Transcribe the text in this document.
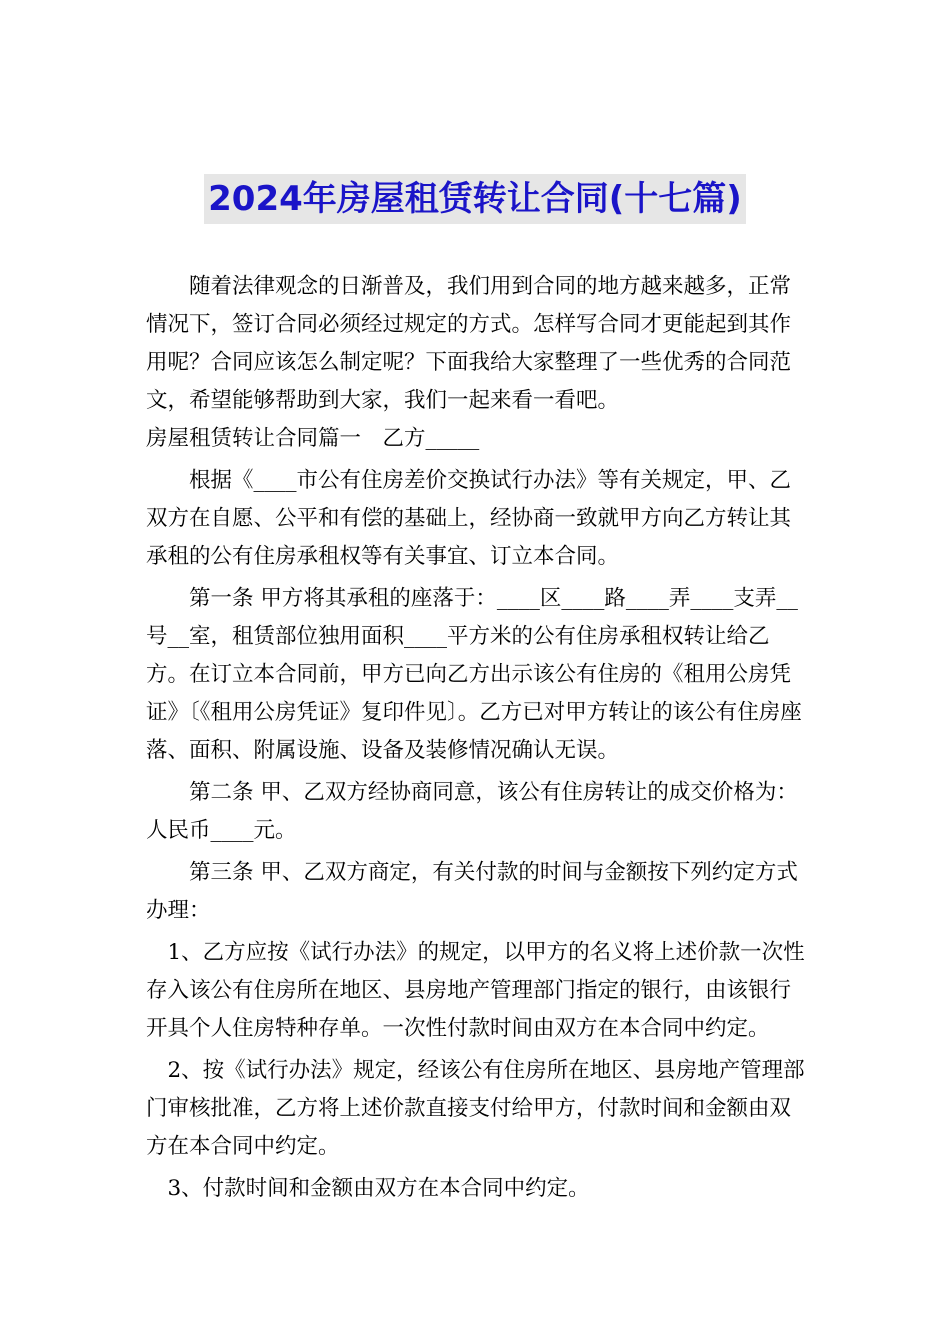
2024年房屋租赁转让合同(十七篇)

随着法律观念的日渐普及，我们用到合同的地方越来越多，正常情况下，签订合同必须经过规定的方式。怎样写合同才更能起到其作用呢？合同应该怎么制定呢？下面我给大家整理了一些优秀的合同范文，希望能够帮助到大家，我们一起来看一看吧。

房屋租赁转让合同篇一　乙方_____

根据《____市公有住房差价交换试行办法》等有关规定，甲、乙双方在自愿、公平和有偿的基础上，经协商一致就甲方向乙方转让其承租的公有住房承租权等有关事宜、订立本合同。

第一条 甲方将其承租的座落于：____区____路____弄____支弄__号__室，租赁部位独用面积____平方米的公有住房承租权转让给乙方。在订立本合同前，甲方已向乙方出示该公有住房的《租用公房凭证》〔《租用公房凭证》复印件见〕。乙方已对甲方转让的该公有住房座落、面积、附属设施、设备及装修情况确认无误。

第二条 甲、乙双方经协商同意，该公有住房转让的成交价格为：人民币____元。

第三条 甲、乙双方商定，有关付款的时间与金额按下列约定方式办理：

1、乙方应按《试行办法》的规定，以甲方的名义将上述价款一次性存入该公有住房所在地区、县房地产管理部门指定的银行，由该银行开具个人住房特种存单。一次性付款时间由双方在本合同中约定。

2、按《试行办法》规定，经该公有住房所在地区、县房地产管理部门审核批准，乙方将上述价款直接支付给甲方，付款时间和金额由双方在本合同中约定。

3、付款时间和金额由双方在本合同中约定。
